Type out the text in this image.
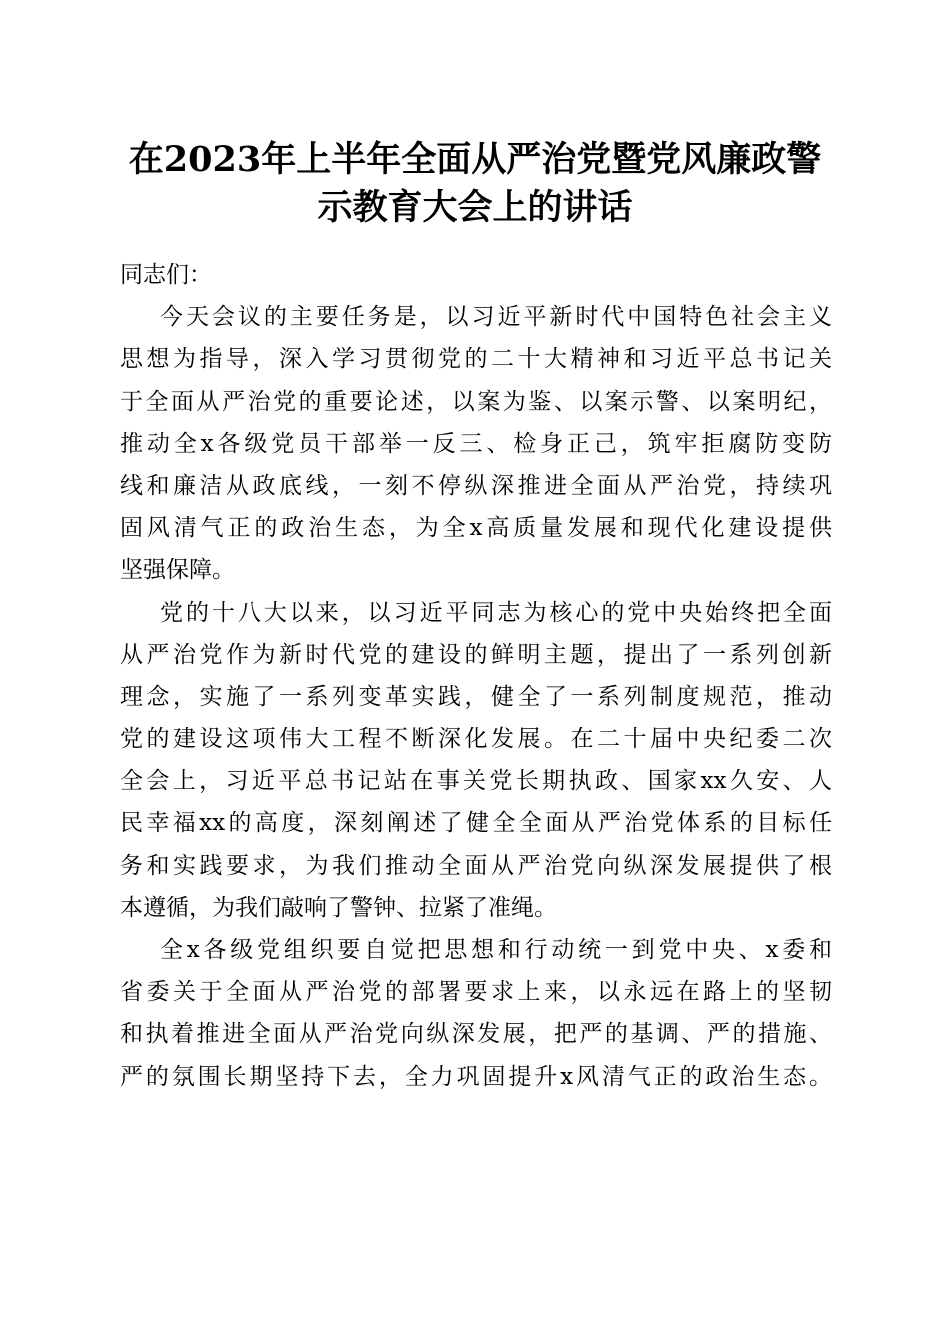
在2023年上半年全面从严治党暨党风廉政警
示教育大会上的讲话
同志们：
今天会议的主要任务是，以习近平新时代中国特色社会主义
思想为指导，深入学习贯彻党的二十大精神和习近平总书记关
于全面从严治党的重要论述，以案为鉴、以案示警、以案明纪，
推动全x各级党员干部举一反三、检身正己，筑牢拒腐防变防
线和廉洁从政底线，一刻不停纵深推进全面从严治党，持续巩
固风清气正的政治生态，为全x高质量发展和现代化建设提供
坚强保障。
党的十八大以来，以习近平同志为核心的党中央始终把全面
从严治党作为新时代党的建设的鲜明主题，提出了一系列创新
理念，实施了一系列变革实践，健全了一系列制度规范，推动
党的建设这项伟大工程不断深化发展。在二十届中央纪委二次
全会上，习近平总书记站在事关党长期执政、国家xx久安、人
民幸福xx的高度，深刻阐述了健全全面从严治党体系的目标任
务和实践要求，为我们推动全面从严治党向纵深发展提供了根
本遵循，为我们敲响了警钟、拉紧了准绳。
全x各级党组织要自觉把思想和行动统一到党中央、x委和
省委关于全面从严治党的部署要求上来，以永远在路上的坚韧
和执着推进全面从严治党向纵深发展，把严的基调、严的措施、
严的氛围长期坚持下去，全力巩固提升x风清气正的政治生态。
